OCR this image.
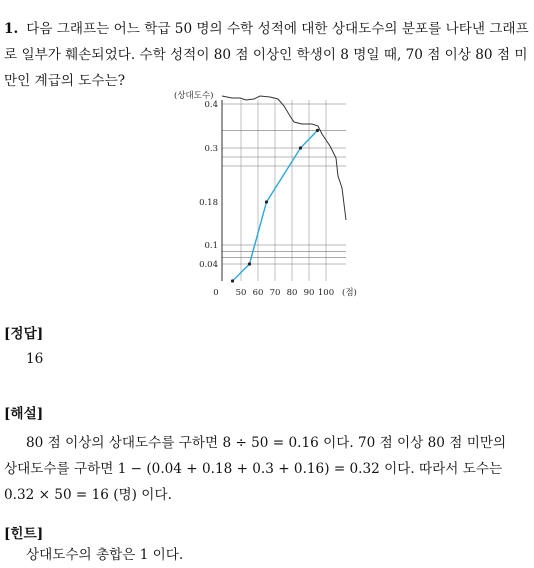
1. 다음 그래프는 어느 학급 50 명의 수학 성적에 대한 상대도수의 분포를 나타낸 그래프로 일부가 훼손되었다. 수학 성적이 80 점 이상인 학생이 8 명일 때, 70 점 이상 80 점 미만인 계급의 도수는?

(상대도수)
(점)
0.04
0.1
0.18
0.3
0.4
0 50 60 70 80 90 100
[정답]

16

[해설]

80 점 이상의 상대도수를 구하면 8 ÷ 50 = 0.16 이다. 70 점 이상 80 점 미만의

상대도수를 구하면 1 − (0.04 + 0.18 + 0.3 + 0.16) = 0.32 이다. 따라서 도수는

0.32 × 50 = 16 (명) 이다.

[힌트]

상대도수의 총합은 1 이다.
